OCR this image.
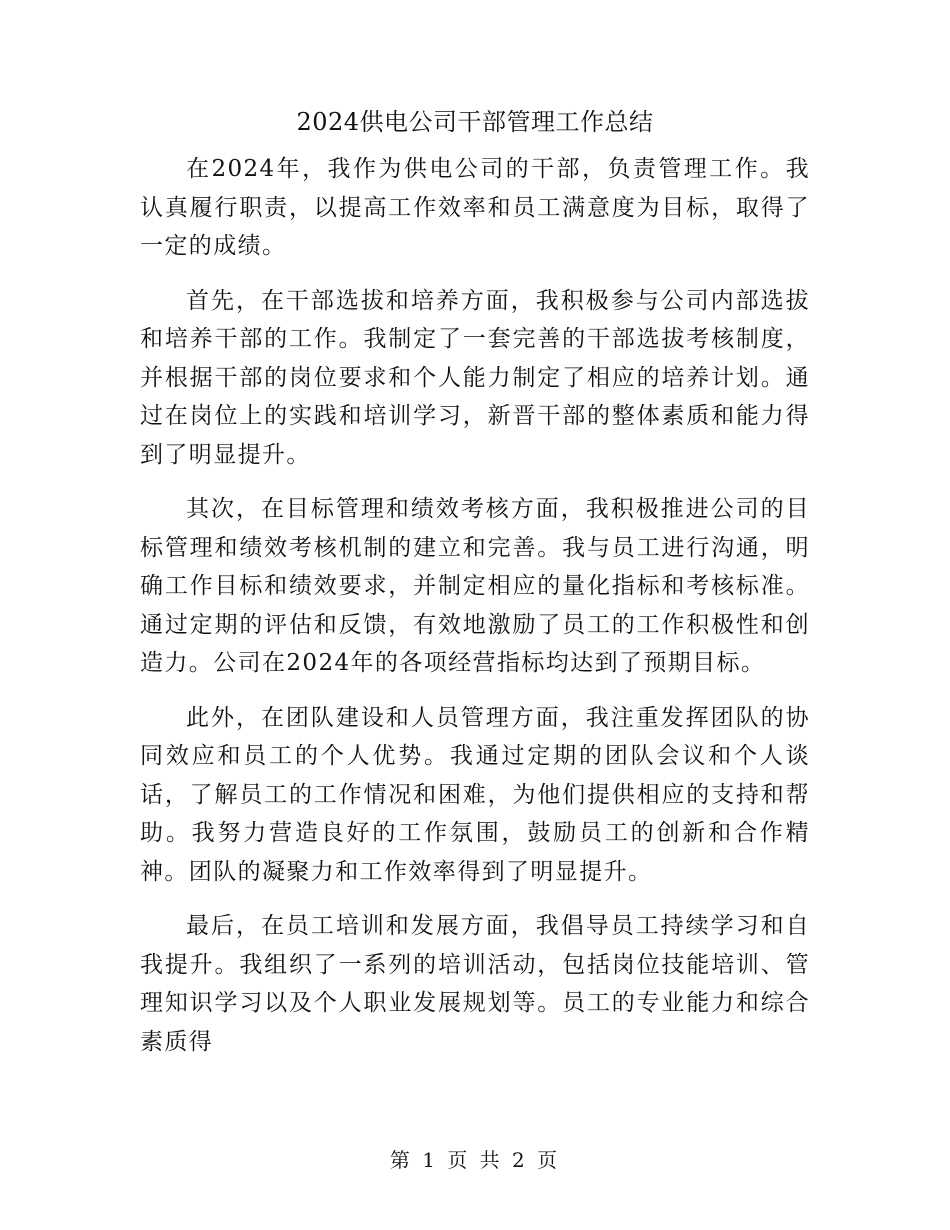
2024供电公司干部管理工作总结

在2024年，我作为供电公司的干部，负责管理工作。我认真履行职责，以提高工作效率和员工满意度为目标，取得了一定的成绩。

首先，在干部选拔和培养方面，我积极参与公司内部选拔和培养干部的工作。我制定了一套完善的干部选拔考核制度，并根据干部的岗位要求和个人能力制定了相应的培养计划。通过在岗位上的实践和培训学习，新晋干部的整体素质和能力得到了明显提升。

其次，在目标管理和绩效考核方面，我积极推进公司的目标管理和绩效考核机制的建立和完善。我与员工进行沟通，明确工作目标和绩效要求，并制定相应的量化指标和考核标准。通过定期的评估和反馈，有效地激励了员工的工作积极性和创造力。公司在2024年的各项经营指标均达到了预期目标。

此外，在团队建设和人员管理方面，我注重发挥团队的协同效应和员工的个人优势。我通过定期的团队会议和个人谈话，了解员工的工作情况和困难，为他们提供相应的支持和帮助。我努力营造良好的工作氛围，鼓励员工的创新和合作精神。团队的凝聚力和工作效率得到了明显提升。

最后，在员工培训和发展方面，我倡导员工持续学习和自我提升。我组织了一系列的培训活动，包括岗位技能培训、管理知识学习以及个人职业发展规划等。员工的专业能力和综合素质得

第 1 页 共 2 页
